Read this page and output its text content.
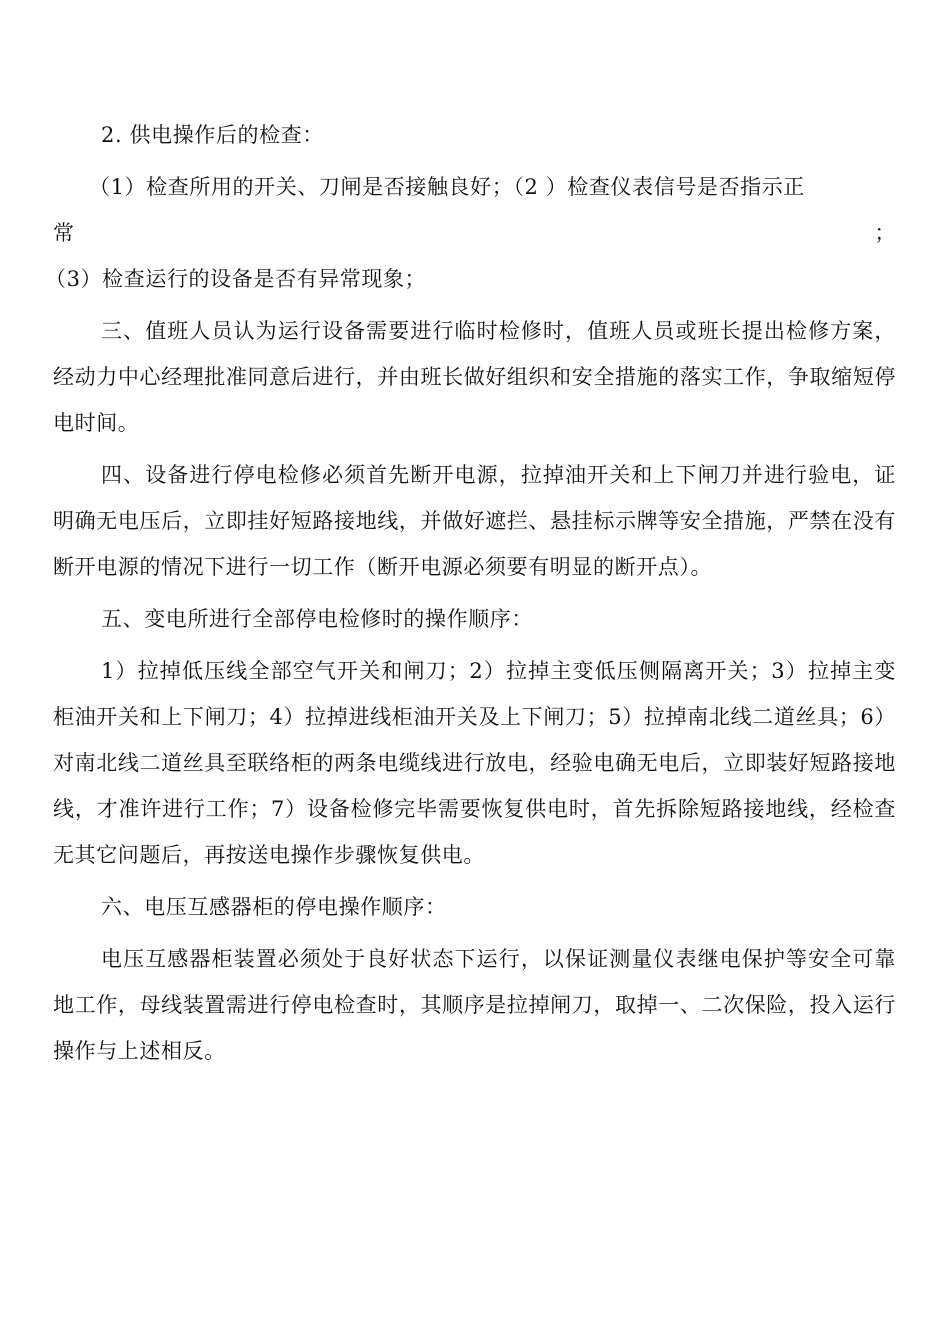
2. 供电操作后的检查：

（1）检查所用的开关、刀闸是否接触良好；（2 ）检查仪表信号是否指示正

常	；

（3）检查运行的设备是否有异常现象；

三、值班人员认为运行设备需要进行临时检修时，值班人员或班长提出检修方案，经动力中心经理批准同意后进行，并由班长做好组织和安全措施的落实工作，争取缩短停电时间。

四、设备进行停电检修必须首先断开电源，拉掉油开关和上下闸刀并进行验电，证明确无电压后，立即挂好短路接地线，并做好遮拦、悬挂标示牌等安全措施，严禁在没有断开电源的情况下进行一切工作（断开电源必须要有明显的断开点）。

五、变电所进行全部停电检修时的操作顺序：

1）拉掉低压线全部空气开关和闸刀；2）拉掉主变低压侧隔离开关；3）拉掉主变柜油开关和上下闸刀；4）拉掉进线柜油开关及上下闸刀；5）拉掉南北线二道丝具；6）对南北线二道丝具至联络柜的两条电缆线进行放电，经验电确无电后，立即装好短路接地线，才准许进行工作；7）设备检修完毕需要恢复供电时，首先拆除短路接地线，经检查无其它问题后，再按送电操作步骤恢复供电。

六、电压互感器柜的停电操作顺序：

电压互感器柜装置必须处于良好状态下运行，以保证测量仪表继电保护等安全可靠地工作，母线装置需进行停电检查时，其顺序是拉掉闸刀，取掉一、二次保险，投入运行操作与上述相反。
